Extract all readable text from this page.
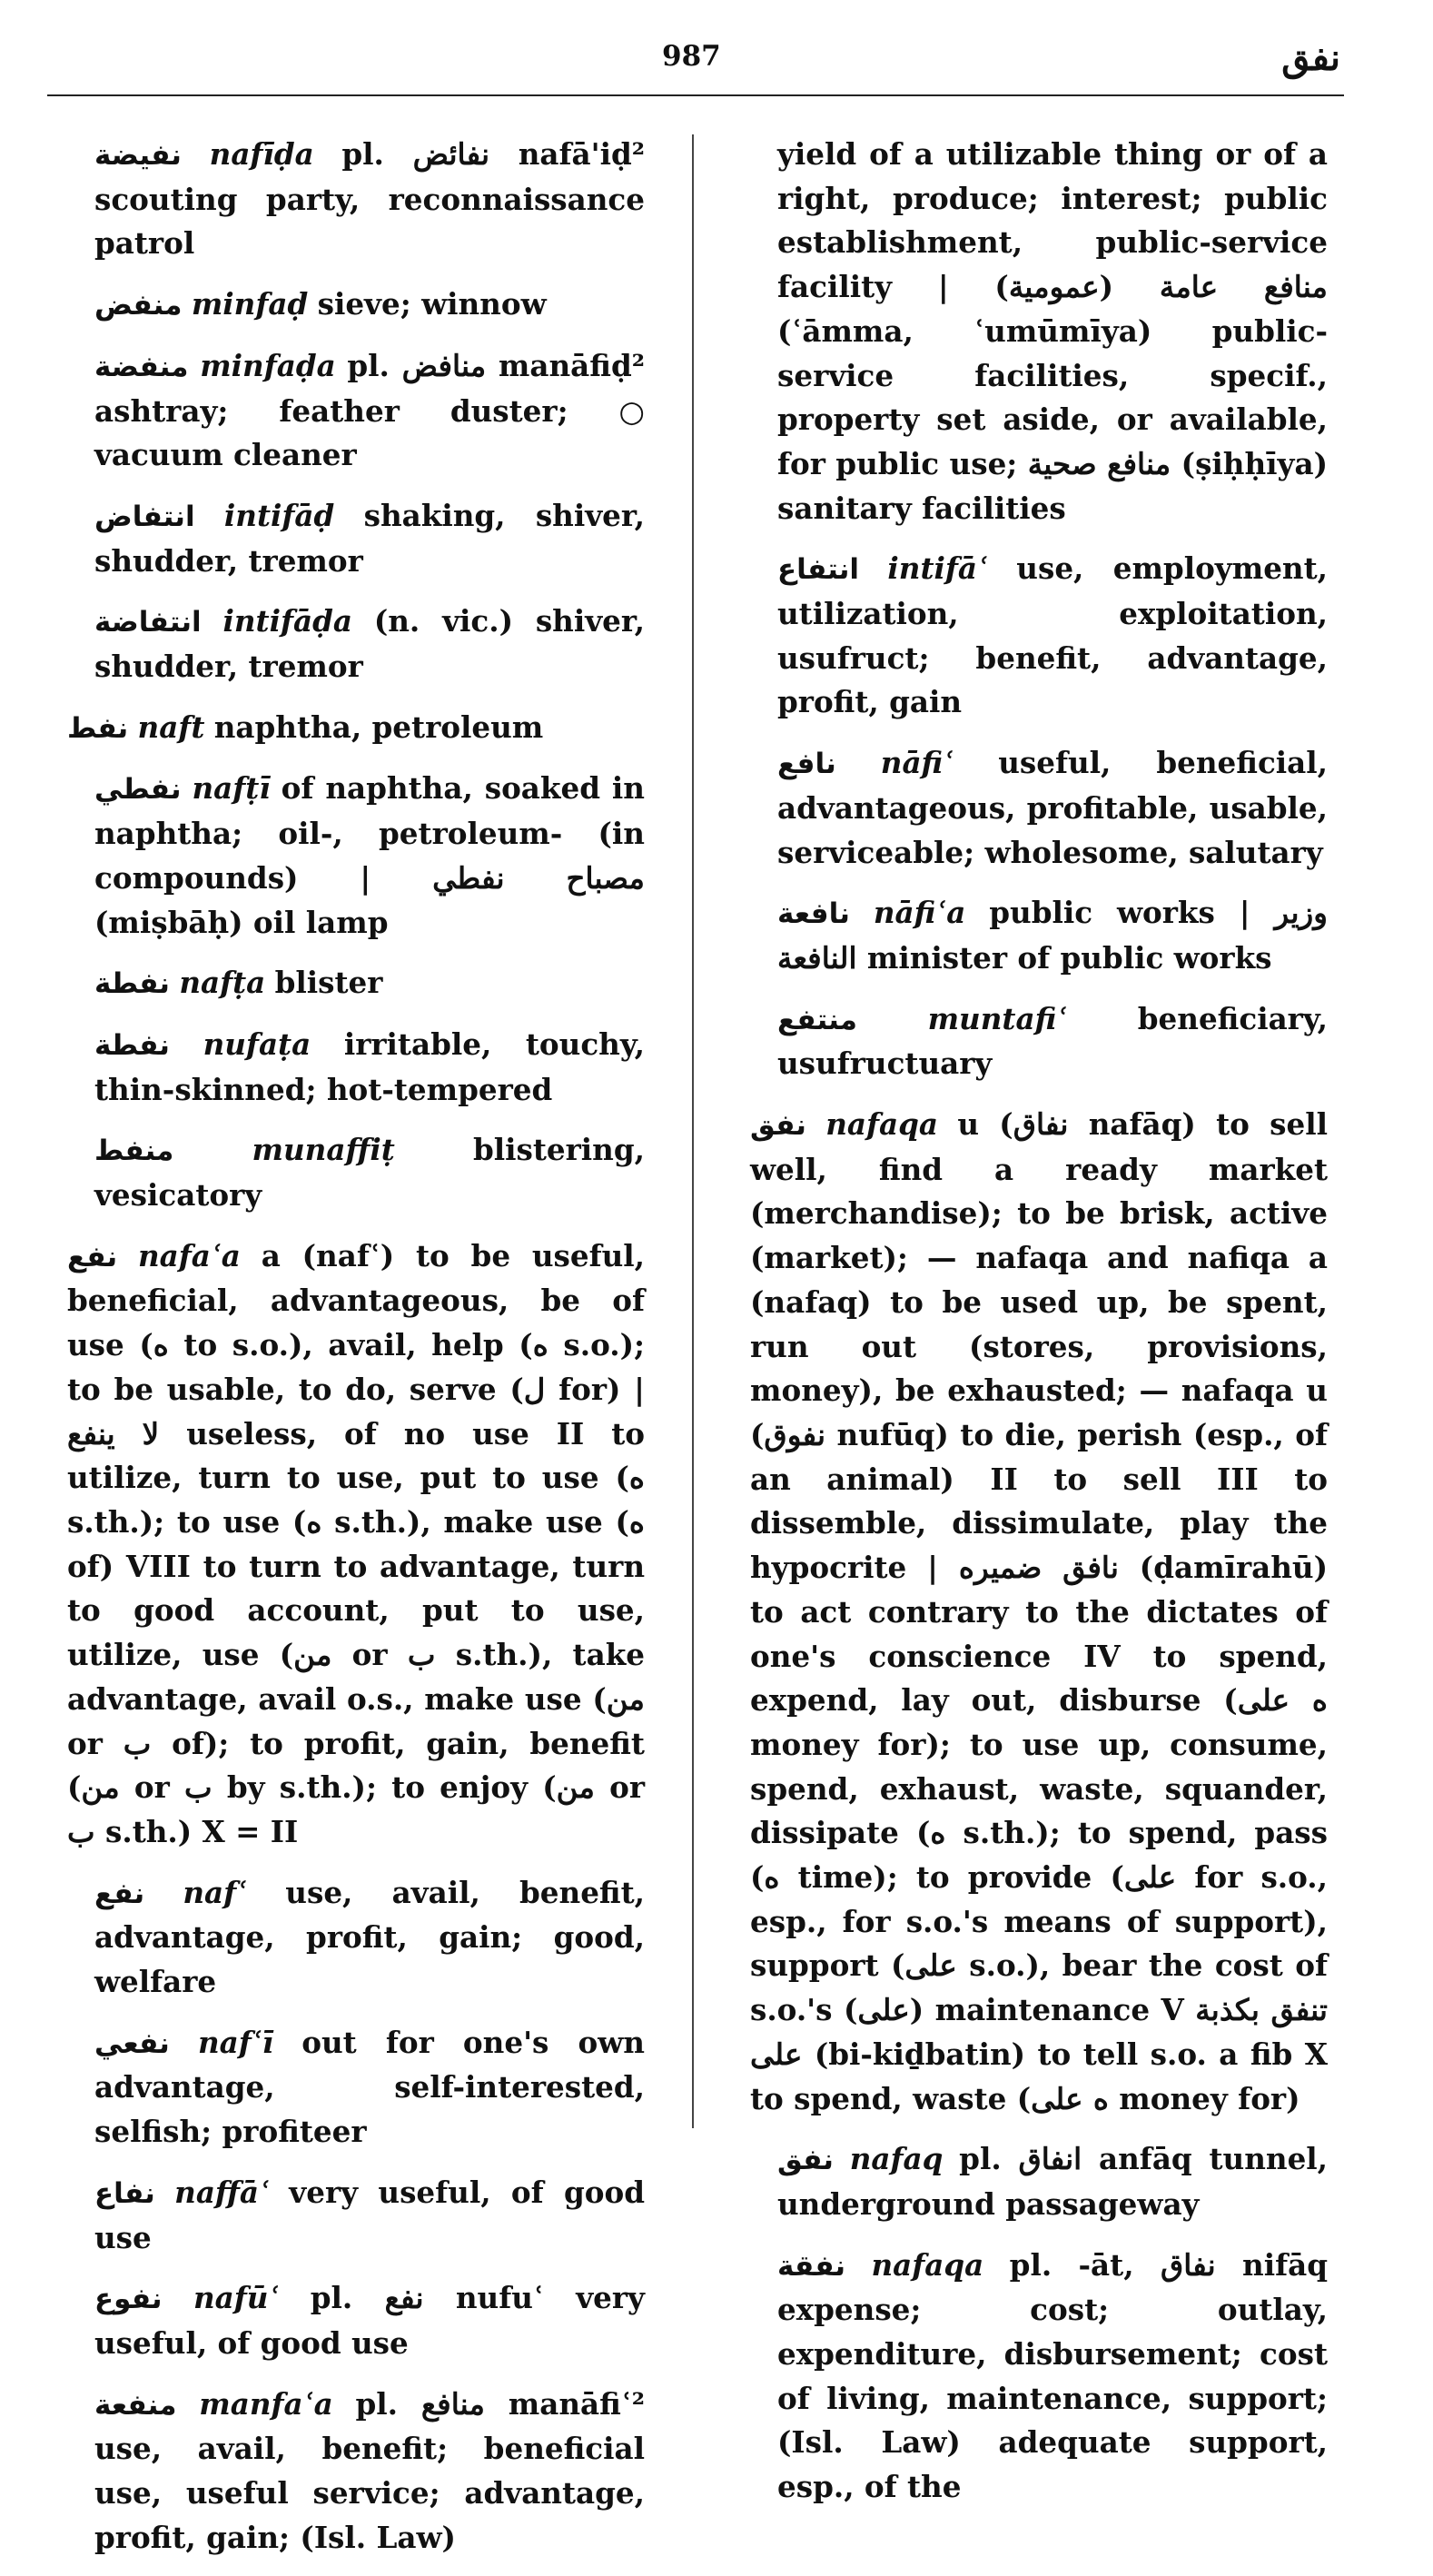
987	نفق

نفيضة nafīḍa pl. نفائض nafā'iḍ² scouting party, reconnaissance patrol

منفض minfaḍ sieve; winnow

منفضة minfaḍa pl. منافض manāfiḍ² ashtray; feather duster; ○ vacuum cleaner

انتفاض intifāḍ shaking, shiver, shudder, tremor

انتفاضة intifāḍa (n. vic.) shiver, shudder, tremor

نفط naft naphtha, petroleum

نفطي nafṭī of naphtha, soaked in naphtha; oil-, petroleum- (in compounds) | مصباح نفطي (miṣbāḥ) oil lamp

نفطة nafṭa blister

نفطة nufaṭa irritable, touchy, thin-skinned; hot-tempered

منفط	munaffiṭ	blistering, vesicatory

نفع nafaʿa a (nafʿ) to be useful, beneficial, advantageous, be of use (ه to s.o.), avail, help (ه s.o.); to be usable, to do, serve (ل for) | لا ينفع useless, of no use II to utilize, turn to use, put to use (ه s.th.); to use (ه s.th.), make use (ه of) VIII to turn to advantage, turn to good account, put to use, utilize, use (من or ب s.th.), take advantage, avail o.s., make use (من or ب of); to profit, gain, benefit (من or ب by s.th.); to enjoy (من or ب s.th.) X = II

نفع nafʿ use, avail, benefit, advantage, profit, gain; good, welfare

نفعي nafʿī out for one's own advantage, self-interested, selfish; profiteer

نفاع naffāʿ very useful, of good use

نفوع nafūʿ pl. نفع nufuʿ very useful, of good use

منفعة manfaʿa pl. منافع manāfiʿ² use, avail, benefit; beneficial use, useful service; advantage, profit, gain; (Isl. Law)

yield of a utilizable thing or of a right, produce; interest; public establishment, public-service facility | منافع عامة (عمومية) (ʿāmma, ʿumūmīya) public-service facilities, specif., property set aside, or available, for public use; منافع صحية (ṣiḥḥīya) sanitary facilities

انتفاع intifāʿ use, employment, utilization, exploitation, usufruct; benefit, advantage, profit, gain

نافع nāfiʿ useful, beneficial, advantageous, profitable, usable, serviceable; wholesome, salutary

نافعة nāfiʿa public works | وزير النافعة minister of public works

منتفع muntafiʿ beneficiary, usufructuary

نفق nafaqa u (نفاق nafāq) to sell well, find a ready market (merchandise); to be brisk, active (market); — nafaqa and nafiqa a (nafaq) to be used up, be spent, run out (stores, provisions, money), be exhausted; — nafaqa u (نفوق nufūq) to die, perish (esp., of an animal) II to sell III to dissemble, dissimulate, play the hypocrite | نافق ضميره (ḍamīrahū) to act contrary to the dictates of one's conscience IV to spend, expend, lay out, disburse (ه على money for); to use up, consume, spend, exhaust, waste, squander, dissipate (ه s.th.); to spend, pass (ه time); to provide (على for s.o., esp., for s.o.'s means of support), support (على s.o.), bear the cost of s.o.'s (على) maintenance V تنفق بكذبة على (bi-kiḏbatin) to tell s.o. a fib X to spend, waste (ه على money for)

نفق nafaq pl. انفاق anfāq tunnel, underground passageway

نفقة nafaqa pl. -āt, نفاق nifāq expense; cost; outlay, expenditure, disbursement; cost of living, maintenance, support; (Isl. Law) adequate support, esp., of the
